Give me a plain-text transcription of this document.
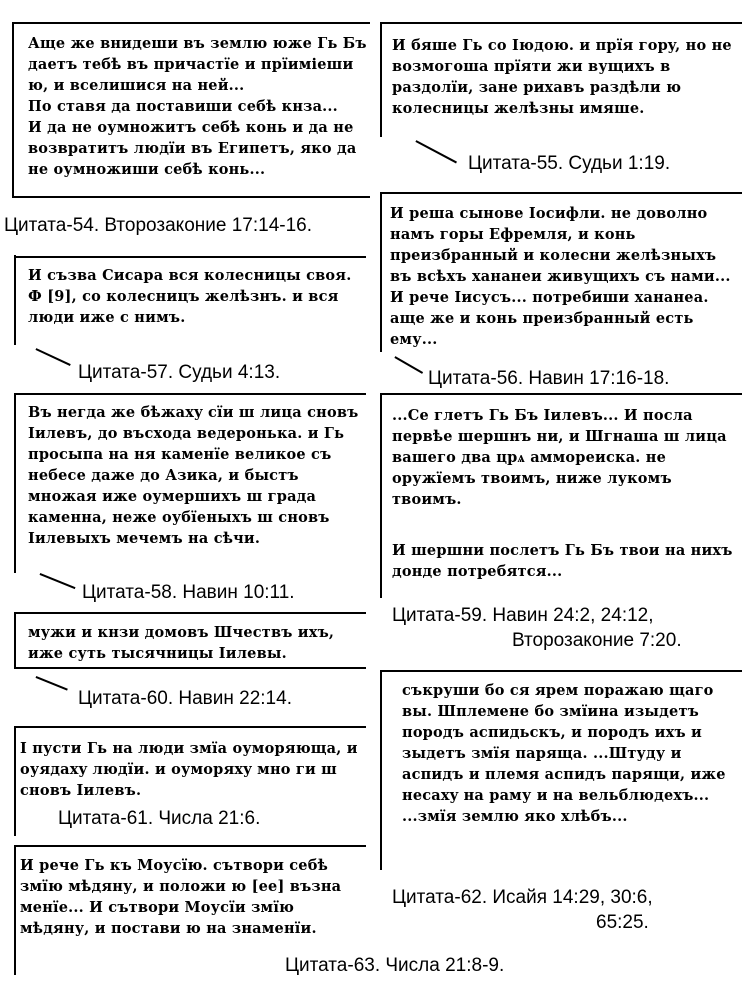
Аще же внидеши въ землю юже Гь Бъ даетъ тебѣ въ причастїе и прїиміеши ю, и вселишися на нeй...
По ставя да поставиши себѣ кнза...
И да не оумножитъ себѣ конь и да не возвратитъ людїи въ Египетъ, яко да не оумножиши себѣ конь...
Цитата-54. Второзаконие 17:14-16.
И бяше Гь со Iюдою. и прїя горy, но не возмогоша прїяти жи вущихъ в раздолїи, зане рихавъ раздѣли ю колесницы желѣзны имяше.
Цитата-55. Судьи 1:19.
И реша сынове Iосифли. не доволно намъ горы Ефремля, и конь преизбранный и колесни желѣзныхъ въ всѣхъ хананеи живущихъ съ нами...
И рече Iисусъ... потребиши хананеа. аще же и конь преизбранный есть ему...
Цитата-56. Навин 17:16-18.
И съзва Сисара вся колесницы своя. Ф [9], со колесницъ желѣзнъ. и вся люди иже с нимъ.
Цитата-57. Судьи 4:13.
Въ негда же бѣжахy сїи ш лица сновъ Iилевъ, до въсхода ведеронька. и Гь просыпа на ня каменїе великое съ небесе даже до Азика, и быстъ множая иже оумершихъ ш града каменна, неже оубїеныхъ ш сновъ Iилевыхъ мечемъ на сѣчи.
Цитата-58. Навин 10:11.
...Се глетъ Гь Бъ Iилевъ... И посла первѣе шершнъ ни, и Шгнаша ш лица вашего два црѧ аммореиска. не оружїемъ твоимъ, ниже лукомъ твоимъ.
И шершни послетъ Гь Бъ твои на нихъ донде потребятся...
Цитата-59. Навин 24:2, 24:12,
Второзаконие 7:20.
мужи и кнзи домовъ Шчествъ ихъ, иже суть тысячницы Iилевы.
Цитата-60. Навин 22:14.
I пусти Гь на люди змїа оуморяюща, и оуядахy людїи. и оуморяхy мно ги ш сновъ Iилевъ.
Цитата-61. Числа 21:6.
съкруши бо ся ярем поражаю щаго вы. Шплемене бо змїина изыдетъ породъ аспидьскъ, и породъ ихъ и зыдетъ змїя парящa. ...Штуду и аспидъ и племя аспидъ парящи, иже несахy на раму и на вельблюдехъ...
...змїя землю яко хлѣбъ...
Цитата-62. Исайя 14:29, 30:6,
65:25.
И рече Гь къ Моусїю. сътвори себѣ змїю мѣдяну, и положи ю [ее] възна менїе... И сътвори Моусїи змїю мѣдяну, и постави ю на знаменїи.
Цитата-63. Числа 21:8-9.
